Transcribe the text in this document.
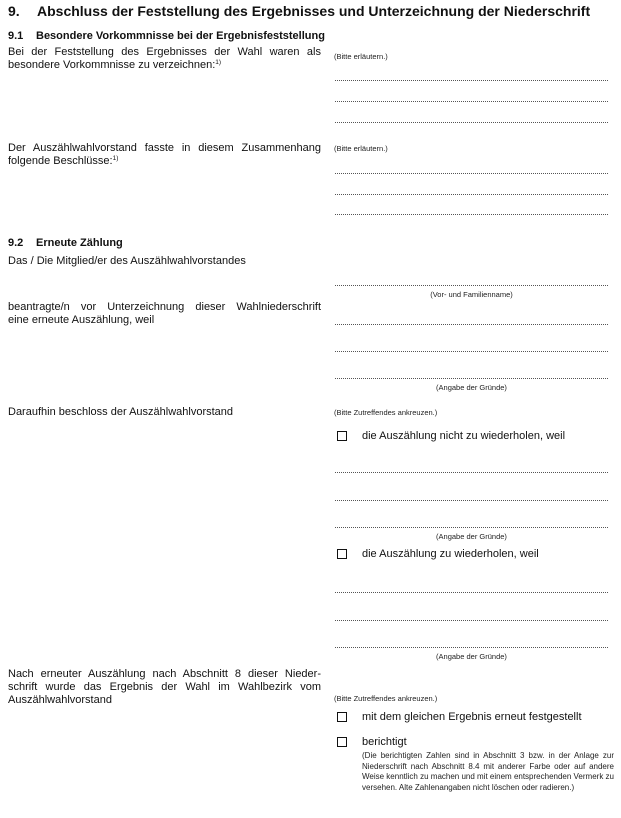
9. Abschluss der Feststellung des Ergebnisses und Unterzeichnung der Niederschrift
9.1 Besondere Vorkommnisse bei der Ergebnisfeststellung
Bei der Feststellung des Ergebnisses der Wahl waren als
besondere Vorkommnisse zu verzeichnen:$^{1)}$
(Bitte erläutern.)
Der Auszählwahlvorstand fasste in diesem Zusammenhang
folgende Beschlüsse:$^{1)}$
(Bitte erläutern.)
9.2 Erneute Zählung
Das / Die Mitglied/er des Auszählwahlvorstandes
(Vor- und Familienname)
beantragte/n vor Unterzeichnung dieser Wahlniederschrift
eine erneute Auszählung, weil
(Angabe der Gründe)
Daraufhin beschloss der Auszählwahlvorstand	(Bitte Zutreffendes ankreuzen.)
die Auszählung nicht zu wiederholen, weil
(Angabe der Gründe)
die Auszählung zu wiederholen, weil
(Angabe der Gründe)
Nach erneuter Auszählung nach Abschnitt 8 dieser Nieder-
schrift wurde das Ergebnis der Wahl im Wahlbezirk vom
Auszählwahlvorstand	(Bitte Zutreffendes ankreuzen.)
mit dem gleichen Ergebnis erneut festgestellt
berichtigt
(Die berichtigten Zahlen sind in Abschnitt 3 bzw. in der Anlage zur Niederschrift nach Abschnitt 8.4 mit anderer Farbe oder auf andere Weise kenntlich zu machen und mit einem entsprechenden Vermerk zu versehen. Alte Zahlenangaben nicht löschen oder radieren.)
